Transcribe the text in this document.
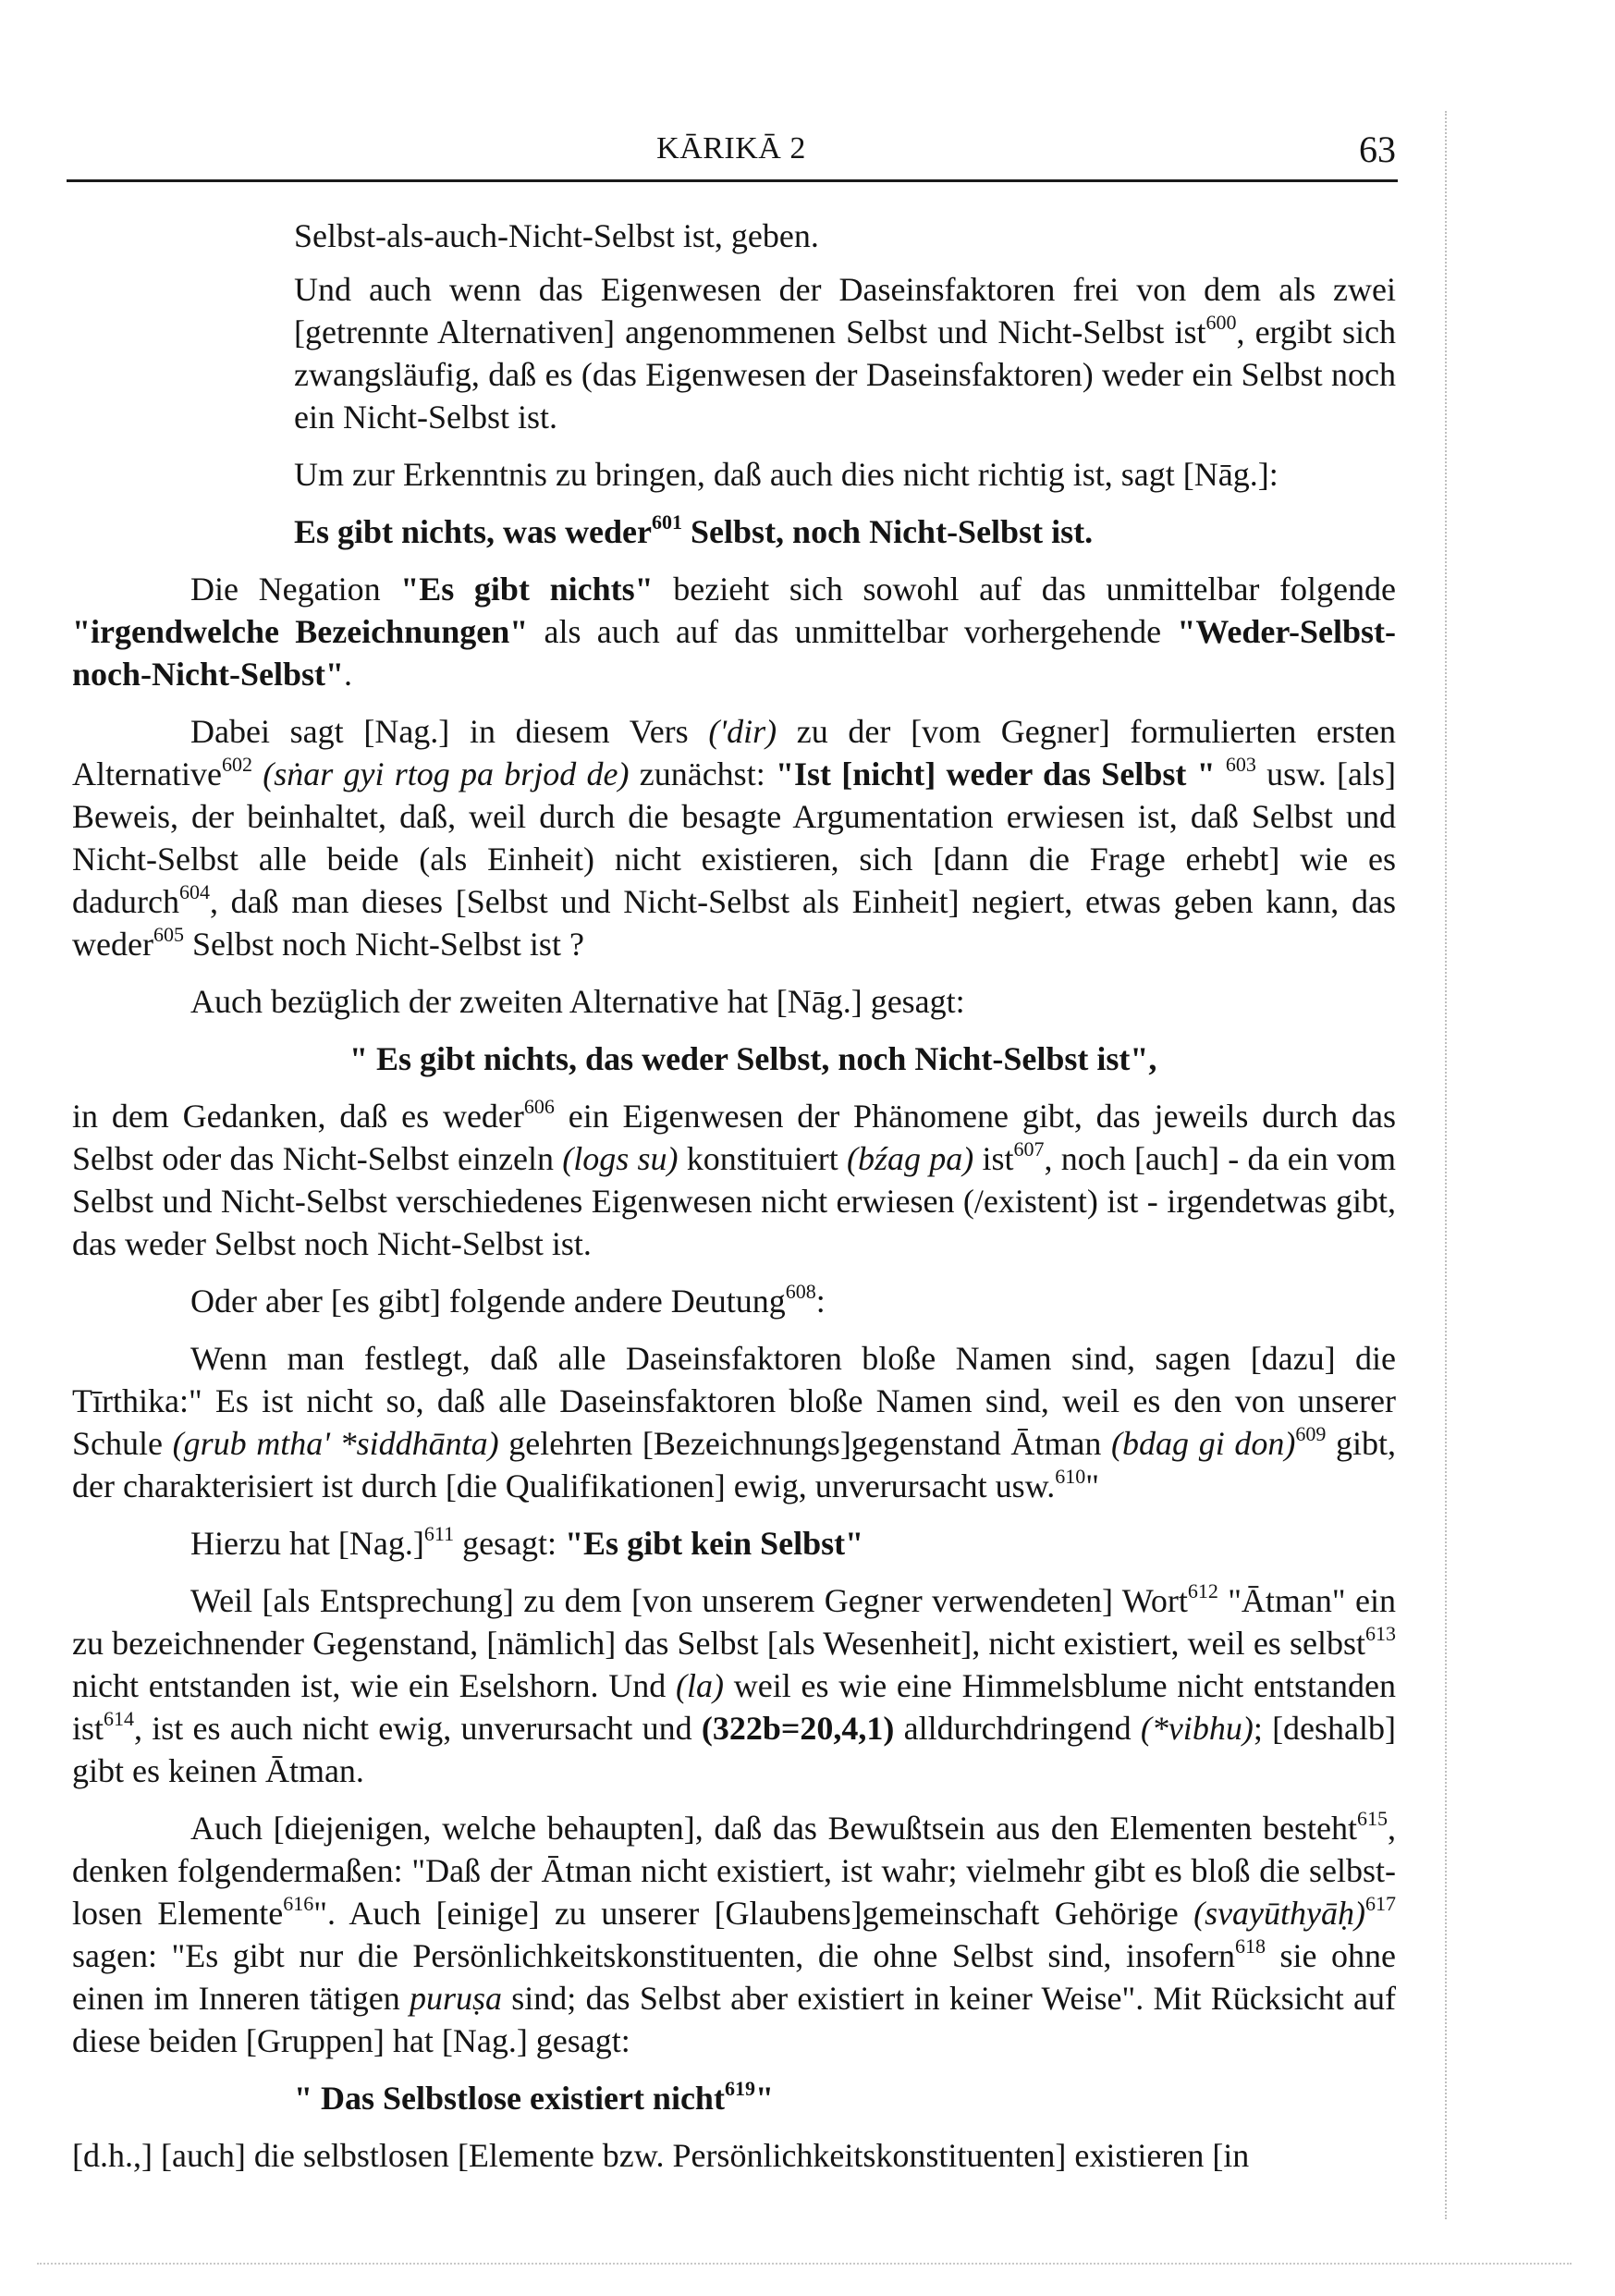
KĀRIKĀ 2	63

Selbst-als-auch-Nicht-Selbst ist, geben.

Und auch wenn das Eigenwesen der Daseinsfaktoren frei von dem als zwei [getrennte Alternativen] angenommenen Selbst und Nicht-Selbst ist$^{600}$, ergibt sich zwangsläufig, daß es (das Eigenwesen der Daseinsfaktoren) weder ein Selbst noch ein Nicht-Selbst ist.

Um zur Erkenntnis zu bringen, daß auch dies nicht richtig ist, sagt [Nāg.]:

Es gibt nichts, was weder$^{601}$ Selbst, noch Nicht-Selbst ist.

Die Negation "Es gibt nichts" bezieht sich sowohl auf das unmittelbar folgende "irgendwelche Bezeichnungen" als auch auf das unmittelbar vorhergehende "Weder-Selbst-noch-Nicht-Selbst".

Dabei sagt [Nag.] in diesem Vers ('dir) zu der [vom Gegner] formulierten ersten Alternative$^{602}$ (sṅar gyi rtog pa brjod de) zunächst: "Ist [nicht] weder das Selbst " $^{603}$ usw. [als] Beweis, der beinhaltet, daß, weil durch die besagte Argumentation erwiesen ist, daß Selbst und Nicht-Selbst alle beide (als Einheit) nicht existieren, sich [dann die Frage erhebt] wie es dadurch$^{604}$, daß man dieses [Selbst und Nicht-Selbst als Einheit] negiert, etwas geben kann, das weder$^{605}$ Selbst noch Nicht-Selbst ist ?

Auch bezüglich der zweiten Alternative hat [Nāg.] gesagt:

" Es gibt nichts, das weder Selbst, noch Nicht-Selbst ist",

in dem Gedanken, daß es weder$^{606}$ ein Eigenwesen der Phänomene gibt, das jeweils durch das Selbst oder das Nicht-Selbst einzeln (logs su) konstituiert (bźag pa) ist$^{607}$, noch [auch] - da ein vom Selbst und Nicht-Selbst verschiedenes Eigenwesen nicht erwiesen (/existent) ist - irgendetwas gibt, das weder Selbst noch Nicht-Selbst ist.

Oder aber [es gibt] folgende andere Deutung$^{608}$:

Wenn man festlegt, daß alle Daseinsfaktoren bloße Namen sind, sagen [dazu] die Tīrthika:" Es ist nicht so, daß alle Daseinsfaktoren bloße Namen sind, weil es den von unserer Schule (grub mtha' *siddhānta) gelehrten [Bezeichnungs]gegenstand Ātman (bdag gi don)$^{609}$ gibt, der charakterisiert ist durch [die Qualifikationen] ewig, unverursacht usw.$^{610}$"

Hierzu hat $[Nag.]^{611}$ gesagt: "Es gibt kein Selbst"

Weil [als Entsprechung] zu dem [von unserem Gegner verwendeten] Wort$^{612}$ "Ātman" ein zu bezeichnender Gegenstand, [nämlich] das Selbst [als Wesenheit], nicht existiert, weil es selbst$^{613}$ nicht entstanden ist, wie ein Eselshorn. Und (la) weil es wie eine Himmelsblume nicht entstanden ist$^{614}$, ist es auch nicht ewig, unverursacht und (322b=20,4,1) alldurchdringend (*vibhu); [deshalb] gibt es keinen Ātman.

Auch [diejenigen, welche behaupten], daß das Bewußtsein aus den Elementen besteht$^{615}$, denken folgendermaßen: "Daß der Ātman nicht existiert, ist wahr; vielmehr gibt es bloß die selbst-losen Elemente$^{616}$". Auch [einige] zu unserer [Glaubens]gemeinschaft Gehörige (svayūthyāḥ)$^{617}$ sagen: "Es gibt nur die Persönlichkeitskonstituenten, die ohne Selbst sind, insofern$^{618}$ sie ohne einen im Inneren tätigen puruṣa sind; das Selbst aber existiert in keiner Weise". Mit Rücksicht auf diese beiden [Gruppen] hat [Nag.] gesagt:

" Das Selbstlose existiert nicht$^{619}$"

[d.h.,] [auch] die selbstlosen [Elemente bzw. Persönlichkeitskonstituenten] existieren [in
